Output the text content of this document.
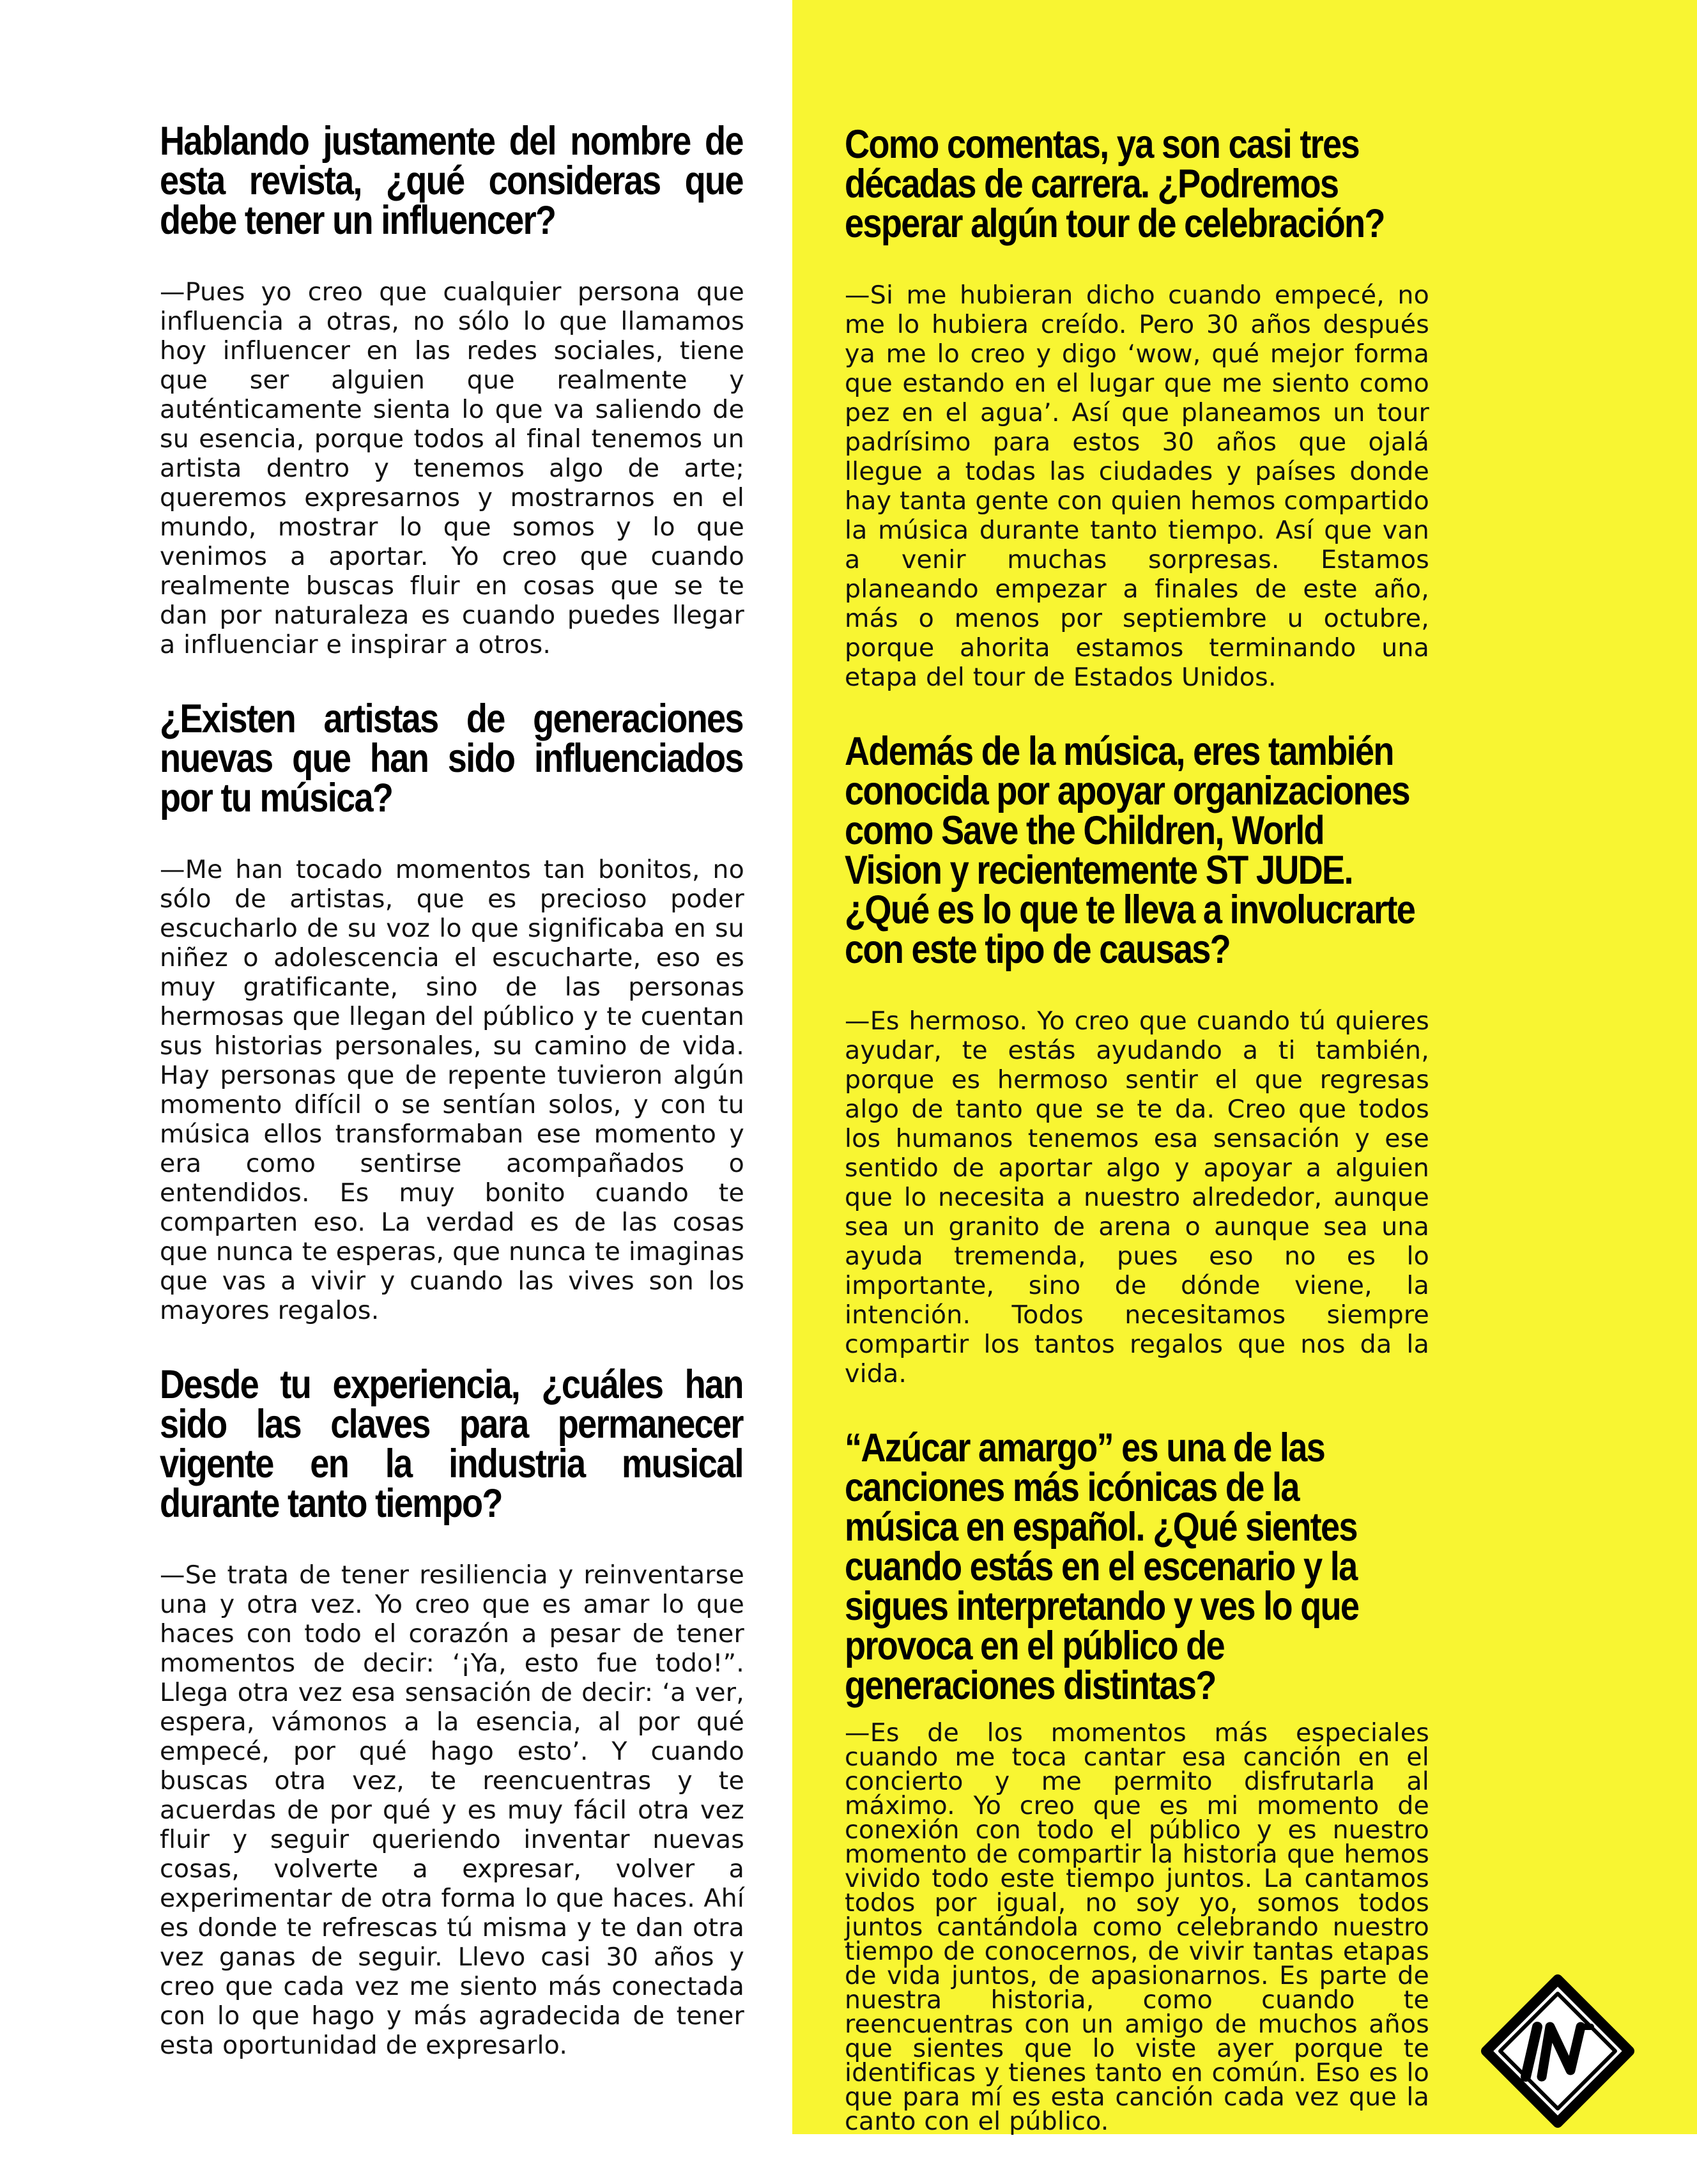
Hablando justamente del nombre de esta revista, ¿qué consideras que debe tener un influencer?

—Pues yo creo que cualquier persona que influencia a otras, no sólo lo que llamamos hoy influencer en las redes sociales, tiene que ser alguien que realmente y auténticamente sienta lo que va saliendo de su esencia, porque todos al final tenemos un artista dentro y tenemos algo de arte; queremos expresarnos y mostrarnos en el mundo, mostrar lo que somos y lo que venimos a aportar. Yo creo que cuando realmente buscas fluir en cosas que se te dan por naturaleza es cuando puedes llegar a influenciar e inspirar a otros.

¿Existen artistas de generaciones nuevas que han sido influenciados por tu música?

—Me han tocado momentos tan bonitos, no sólo de artistas, que es precioso poder escucharlo de su voz lo que significaba en su niñez o adolescencia el escucharte, eso es muy gratificante, sino de las personas hermosas que llegan del público y te cuentan sus historias personales, su camino de vida. Hay personas que de repente tuvieron algún momento difícil o se sentían solos, y con tu música ellos transformaban ese momento y era como sentirse acompañados o entendidos. Es muy bonito cuando te comparten eso. La verdad es de las cosas que nunca te esperas, que nunca te imaginas que vas a vivir y cuando las vives son los mayores regalos.

Desde tu experiencia, ¿cuáles han sido las claves para permanecer vigente en la industria musical durante tanto tiempo?

—Se trata de tener resiliencia y reinventarse una y otra vez. Yo creo que es amar lo que haces con todo el corazón a pesar de tener momentos de decir: ‘¡Ya, esto fue todo!”. Llega otra vez esa sensación de decir: ‘a ver, espera, vámonos a la esencia, al por qué empecé, por qué hago esto’. Y cuando buscas otra vez, te reencuentras y te acuerdas de por qué y es muy fácil otra vez fluir y seguir queriendo inventar nuevas cosas, volverte a expresar, volver a experimentar de otra forma lo que haces. Ahí es donde te refrescas tú misma y te dan otra vez ganas de seguir. Llevo casi 30 años y creo que cada vez me siento más conectada con lo que hago y más agradecida de tener esta oportunidad de expresarlo.

Como comentas, ya son casi tres décadas de carrera. ¿Podremos esperar algún tour de celebración?

—Si me hubieran dicho cuando empecé, no me lo hubiera creído. Pero 30 años después ya me lo creo y digo ‘wow, qué mejor forma que estando en el lugar que me siento como pez en el agua’. Así que planeamos un tour padrísimo para estos 30 años que ojalá llegue a todas las ciudades y países donde hay tanta gente con quien hemos compartido la música durante tanto tiempo. Así que van a venir muchas sorpresas. Estamos planeando empezar a finales de este año, más o menos por septiembre u octubre, porque ahorita estamos terminando una etapa del tour de Estados Unidos.

Además de la música, eres también conocida por apoyar organizaciones como Save the Children, World Vision y recientemente ST JUDE. ¿Qué es lo que te lleva a involucrarte con este tipo de causas?

—Es hermoso. Yo creo que cuando tú quieres ayudar, te estás ayudando a ti también, porque es hermoso sentir el que regresas algo de tanto que se te da. Creo que todos los humanos tenemos esa sensación y ese sentido de aportar algo y apoyar a alguien que lo necesita a nuestro alrededor, aunque sea un granito de arena o aunque sea una ayuda tremenda, pues eso no es lo importante, sino de dónde viene, la intención. Todos necesitamos siempre compartir los tantos regalos que nos da la vida.

“Azúcar amargo” es una de las canciones más icónicas de la música en español. ¿Qué sientes cuando estás en el escenario y la sigues interpretando y ves lo que provoca en el público de generaciones distintas?

—Es de los momentos más especiales cuando me toca cantar esa canción en el concierto y me permito disfrutarla al máximo. Yo creo que es mi momento de conexión con todo el público y es nuestro momento de compartir la historia que hemos vivido todo este tiempo juntos. La cantamos todos por igual, no soy yo, somos todos juntos cantándola como celebrando nuestro tiempo de conocernos, de vivir tantas etapas de vida juntos, de apasionarnos. Es parte de nuestra historia, como cuando te reencuentras con un amigo de muchos años que sientes que lo viste ayer porque te identificas y tienes tanto en común. Eso es lo que para mí es esta canción cada vez que la canto con el público.
